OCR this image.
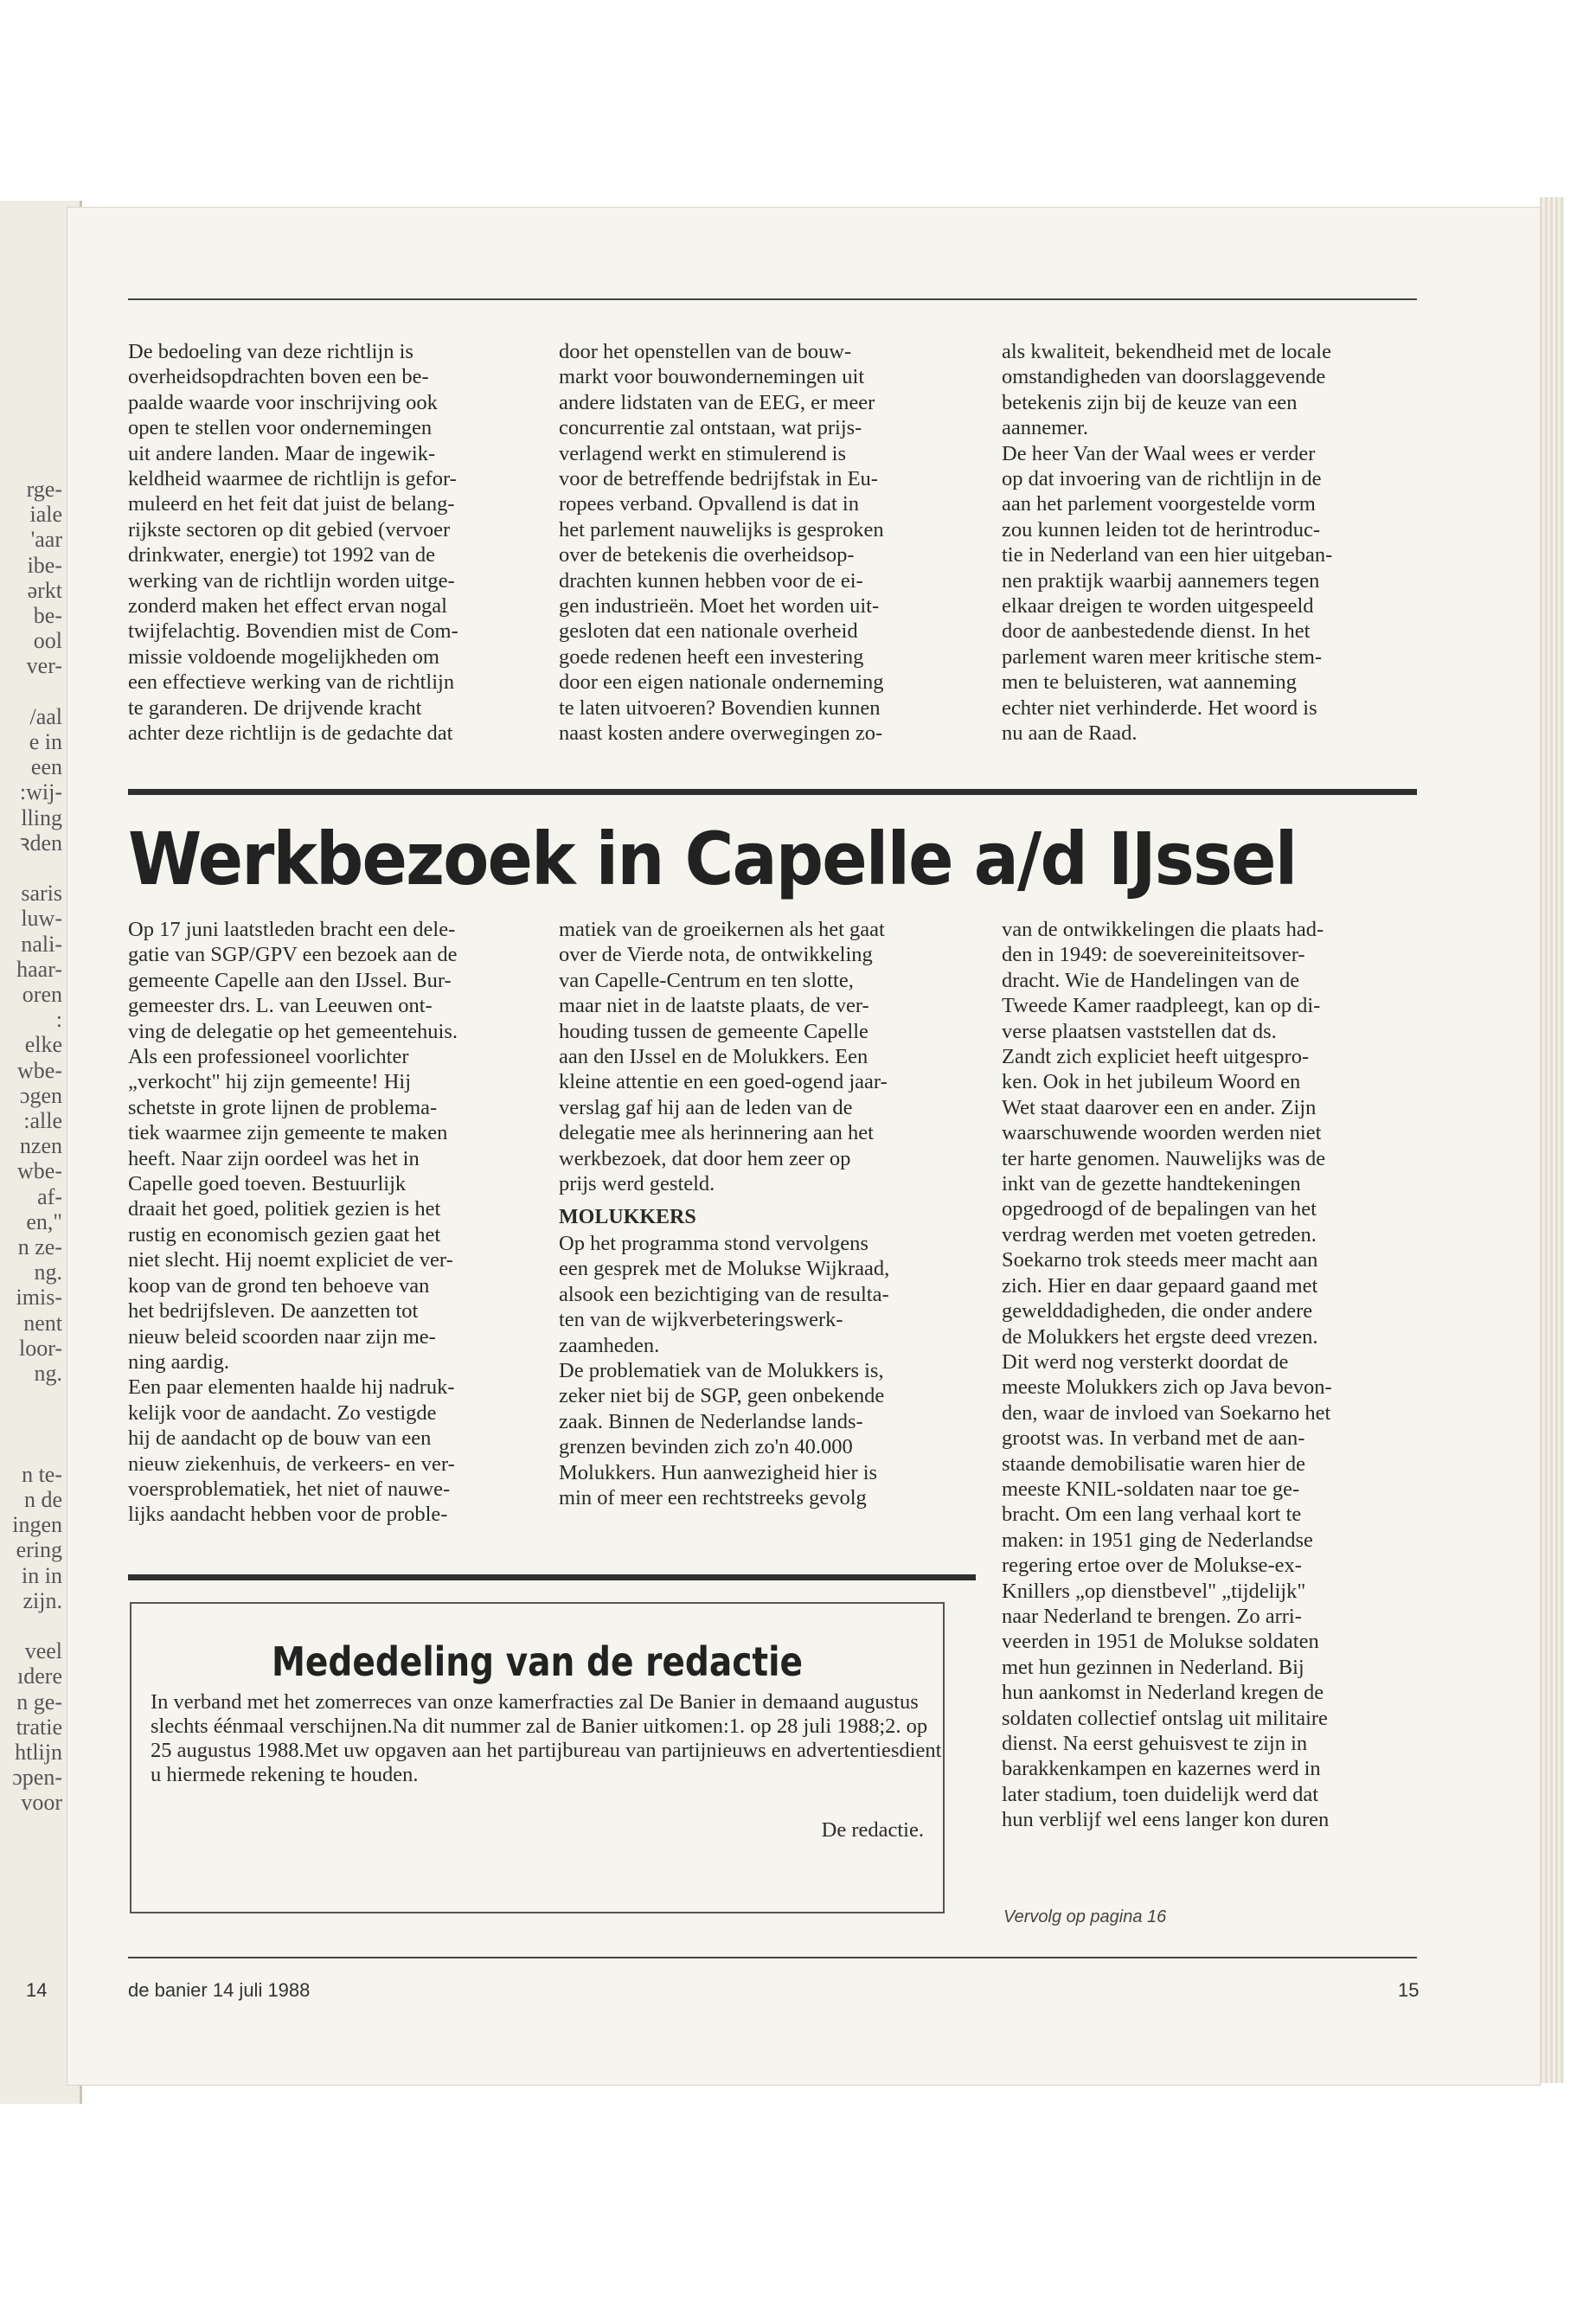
rge-
iale
'aar
ibe-
ərkt
be-
ool
ver-
/aal
e in
een
:wij-
lling
ꝛden
saris
luw-
nali-
haar-
oren
:
elke
wbe-
ɔgen
:alle
nzen
wbe-
af-
en,"
n ze-
ng.
imis-
nent
loor-
ng.
n te-
n de
ingen
ering
in in
zijn.
veel
ıdere
n ge-
tratie
htlijn
ɔpen-
voor
De bedoeling van deze richtlijn is
overheidsopdrachten boven een be-
paalde waarde voor inschrijving ook
open te stellen voor ondernemingen
uit andere landen. Maar de ingewik-
keldheid waarmee de richtlijn is gefor-
muleerd en het feit dat juist de belang-
rijkste sectoren op dit gebied (vervoer
drinkwater, energie) tot 1992 van de
werking van de richtlijn worden uitge-
zonderd maken het effect ervan nogal
twijfelachtig. Bovendien mist de Com-
missie voldoende mogelijkheden om
een effectieve werking van de richtlijn
te garanderen. De drijvende kracht
achter deze richtlijn is de gedachte dat
door het openstellen van de bouw-
markt voor bouwondernemingen uit
andere lidstaten van de EEG, er meer
concurrentie zal ontstaan, wat prijs-
verlagend werkt en stimulerend is
voor de betreffende bedrijfstak in Eu-
ropees verband. Opvallend is dat in
het parlement nauwelijks is gesproken
over de betekenis die overheidsop-
drachten kunnen hebben voor de ei-
gen industrieën. Moet het worden uit-
gesloten dat een nationale overheid
goede redenen heeft een investering
door een eigen nationale onderneming
te laten uitvoeren? Bovendien kunnen
naast kosten andere overwegingen zo-
als kwaliteit, bekendheid met de locale
omstandigheden van doorslaggevende
betekenis zijn bij de keuze van een
aannemer.
De heer Van der Waal wees er verder
op dat invoering van de richtlijn in de
aan het parlement voorgestelde vorm
zou kunnen leiden tot de herintroduc-
tie in Nederland van een hier uitgeban-
nen praktijk waarbij aannemers tegen
elkaar dreigen te worden uitgespeeld
door de aanbestedende dienst. In het
parlement waren meer kritische stem-
men te beluisteren, wat aanneming
echter niet verhinderde. Het woord is
nu aan de Raad.
Werkbezoek in Capelle a/d IJssel
Op 17 juni laatstleden bracht een dele-
gatie van SGP/GPV een bezoek aan de
gemeente Capelle aan den IJssel. Bur-
gemeester drs. L. van Leeuwen ont-
ving de delegatie op het gemeentehuis.
Als een professioneel voorlichter
„verkocht" hij zijn gemeente! Hij
schetste in grote lijnen de problema-
tiek waarmee zijn gemeente te maken
heeft. Naar zijn oordeel was het in
Capelle goed toeven. Bestuurlijk
draait het goed, politiek gezien is het
rustig en economisch gezien gaat het
niet slecht. Hij noemt expliciet de ver-
koop van de grond ten behoeve van
het bedrijfsleven. De aanzetten tot
nieuw beleid scoorden naar zijn me-
ning aardig.
Een paar elementen haalde hij nadruk-
kelijk voor de aandacht. Zo vestigde
hij de aandacht op de bouw van een
nieuw ziekenhuis, de verkeers- en ver-
voersproblematiek, het niet of nauwe-
lijks aandacht hebben voor de proble-
matiek van de groeikernen als het gaat
over de Vierde nota, de ontwikkeling
van Capelle-Centrum en ten slotte,
maar niet in de laatste plaats, de ver-
houding tussen de gemeente Capelle
aan den IJssel en de Molukkers. Een
kleine attentie en een goed-ogend jaar-
verslag gaf hij aan de leden van de
delegatie mee als herinnering aan het
werkbezoek, dat door hem zeer op
prijs werd gesteld.
MOLUKKERS
Op het programma stond vervolgens
een gesprek met de Molukse Wijkraad,
alsook een bezichtiging van de resulta-
ten van de wijkverbeteringswerk-
zaamheden.
De problematiek van de Molukkers is,
zeker niet bij de SGP, geen onbekende
zaak. Binnen de Nederlandse lands-
grenzen bevinden zich zo'n 40.000
Molukkers. Hun aanwezigheid hier is
min of meer een rechtstreeks gevolg
van de ontwikkelingen die plaats had-
den in 1949: de soevereiniteitsover-
dracht. Wie de Handelingen van de
Tweede Kamer raadpleegt, kan op di-
verse plaatsen vaststellen dat ds.
Zandt zich expliciet heeft uitgespro-
ken. Ook in het jubileum Woord en
Wet staat daarover een en ander. Zijn
waarschuwende woorden werden niet
ter harte genomen. Nauwelijks was de
inkt van de gezette handtekeningen
opgedroogd of de bepalingen van het
verdrag werden met voeten getreden.
Soekarno trok steeds meer macht aan
zich. Hier en daar gepaard gaand met
gewelddadigheden, die onder andere
de Molukkers het ergste deed vrezen.
Dit werd nog versterkt doordat de
meeste Molukkers zich op Java bevon-
den, waar de invloed van Soekarno het
grootst was. In verband met de aan-
staande demobilisatie waren hier de
meeste KNIL-soldaten naar toe ge-
bracht. Om een lang verhaal kort te
maken: in 1951 ging de Nederlandse
regering ertoe over de Molukse-ex-
Knillers „op dienstbevel" „tijdelijk"
naar Nederland te brengen. Zo arri-
veerden in 1951 de Molukse soldaten
met hun gezinnen in Nederland. Bij
hun aankomst in Nederland kregen de
soldaten collectief ontslag uit militaire
dienst. Na eerst gehuisvest te zijn in
barakkenkampen en kazernes werd in
later stadium, toen duidelijk werd dat
hun verblijf wel eens langer kon duren
Mededeling van de redactie
In verband met het zomerreces van onze kamerfracties zal De Banier in demaand augustus slechts éénmaal verschijnen.Na dit nummer zal de Banier uitkomen:1. op 28 juli 1988;2. op 25 augustus 1988.Met uw opgaven aan het partijbureau van partijnieuws en advertentiesdient u hiermede rekening te houden.
De redactie.
Vervolg op pagina 16
14	de banier 14 juli 1988	15
